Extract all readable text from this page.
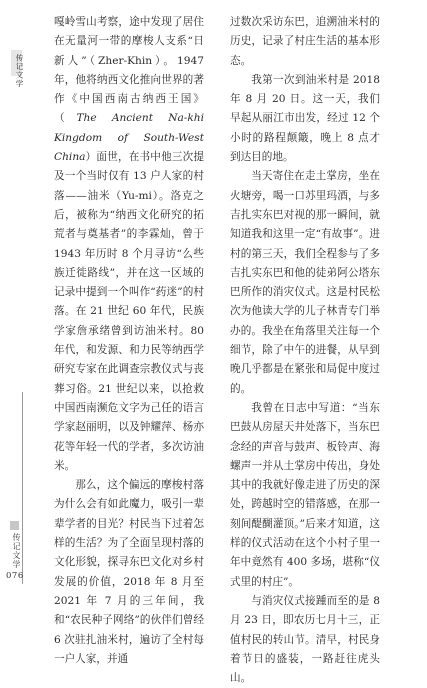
传记文学
传记文学
076

嘎岭雪山考察，途中发现了居住在无量河一带的摩梭人支系“日新人”（Zher-Khin）。1947 年，他将纳西文化推向世界的著作《中国西南古纳西王国》（The Ancient Na-khi Kingdom of South-West China）面世，在书中他三次提及一个当时仅有 13 户人家的村落——油米（Yu-mi）。洛克之后，被称为“纳西文化研究的拓荒者与奠基者”的李霖灿，曾于 1943 年历时 8 个月寻访“么些族迁徙路线”，并在这一区域的记录中提到一个叫作“药迷”的村落。在 21 世纪 60 年代，民族学家詹承绪曾到访油米村。80 年代，和发源、和力民等纳西学研究专家在此调查宗教仪式与丧葬习俗。21 世纪以来，以抢救中国西南濒危文字为己任的语言学家赵丽明，以及钟耀萍、杨亦花等年轻一代的学者，多次访油米。

那么，这个偏远的摩梭村落为什么会有如此魔力，吸引一辈辈学者的目光？村民当下过着怎样的生活？为了全面呈现村落的文化形貌，探寻东巴文化对乡村发展的价值，2018 年 8 月至 2021 年 7 月的三年间，我和“农民种子网络”的伙伴们曾经 6 次驻扎油米村，遍访了全村每一户人家，并通

过数次采访东巴，追溯油米村的历史，记录了村庄生活的基本形态。

我第一次到油米村是 2018 年 8 月 20 日。这一天，我们早起从丽江市出发，经过 12 个小时的路程颠簸，晚上 8 点才到达目的地。

当天寄住在走土掌房，坐在火塘旁，喝一口苏里玛酒，与多吉扎实东巴对视的那一瞬间，就知道我和这里一定“有故事”。进村的第三天，我们全程参与了多吉扎实东巴和他的徒弟阿公塔东巴所作的消灾仪式。这是村民松次为他读大学的儿子林青专门举办的。我坐在角落里关注每一个细节，除了中午的进餐，从早到晚几乎都是在紧张和局促中度过的。

我曾在日志中写道：“当东巴鼓从房屋天井处落下，当东巴念经的声音与鼓声、板铃声、海螺声一并从土掌房中传出，身处其中的我就好像走进了历史的深处，跨越时空的错落感，在那一刻间醍醐灌顶。”后来才知道，这样的仪式活动在这个小村子里一年中竟然有 400 多场，堪称“仪式里的村庄”。

与消灾仪式接踵而至的是 8 月 23 日，即农历七月十三，正值村民的转山节。清早，村民身着节日的盛装，一路赶往虎头山。
